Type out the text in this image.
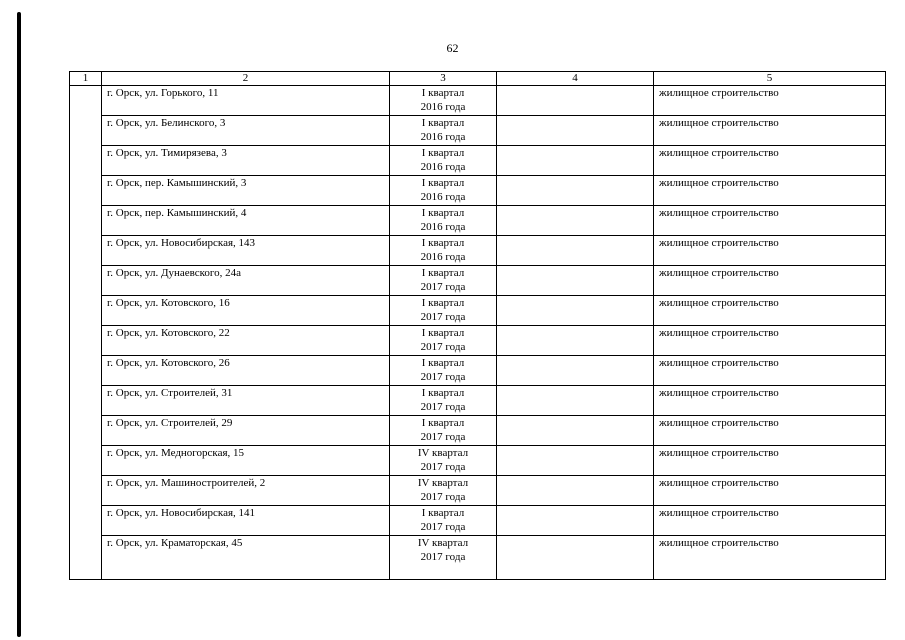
62
1	2	3	4	5
	г. Орск, ул. Горького, 11	I квартал
2016 года		жилищное строительство
	г. Орск, ул. Белинского, 3	I квартал
2016 года		жилищное строительство
	г. Орск, ул. Тимирязева, 3	I квартал
2016 года		жилищное строительство
	г. Орск, пер. Камышинский, 3	I квартал
2016 года		жилищное строительство
	г. Орск, пер. Камышинский, 4	I квартал
2016 года		жилищное строительство
	г. Орск, ул. Новосибирская, 143	I квартал
2016 года		жилищное строительство
	г. Орск, ул. Дунаевского, 24а	I квартал
2017 года		жилищное строительство
	г. Орск, ул. Котовского, 16	I квартал
2017 года		жилищное строительство
	г. Орск, ул. Котовского, 22	I квартал
2017 года		жилищное строительство
	г. Орск, ул. Котовского, 26	I квартал
2017 года		жилищное строительство
	г. Орск, ул. Строителей, 31	I квартал
2017 года		жилищное строительство
	г. Орск, ул. Строителей, 29	I квартал
2017 года		жилищное строительство
	г. Орск, ул. Медногорская, 15	IV квартал
2017 года		жилищное строительство
	г. Орск, ул. Машиностроителей, 2	IV квартал
2017 года		жилищное строительство
	г. Орск, ул. Новосибирская, 141	I квартал
2017 года		жилищное строительство
	г. Орск, ул. Краматорская, 45	IV квартал
2017 года		жилищное строительство
